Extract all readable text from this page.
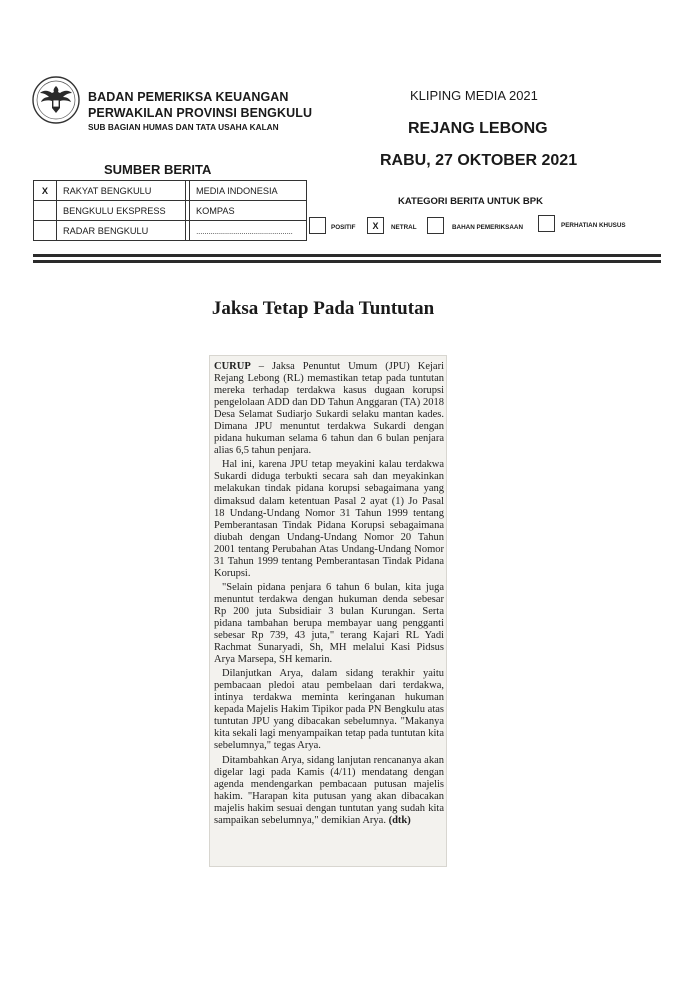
BADAN PEMERIKSA KEUANGAN
PERWAKILAN PROVINSI BENGKULU
SUB BAGIAN HUMAS DAN TATA USAHA KALAN
KLIPING MEDIA 2021
REJANG LEBONG
RABU, 27 OKTOBER 2021
SUMBER BERITA
X	RAKYAT BENGKULU		MEDIA INDONESIA
	BENGKULU EKSPRESS		KOMPAS
	RADAR BENGKULU		...............................................
KATEGORI BERITA UNTUK BPK
POSITIF	X	NETRAL	BAHAN PEMERIKSAAN	PERHATIAN KHUSUS
Jaksa Tetap Pada Tuntutan

CURUP – Jaksa Penuntut Umum (JPU) Kejari Rejang Lebong (RL) memastikan tetap pada tuntutan mereka terhadap terdakwa kasus dugaan korupsi pengelolaan ADD dan DD Tahun Anggaran (TA) 2018 Desa Selamat Sudiarjo Sukardi selaku mantan kades. Dimana JPU menuntut terdakwa Sukardi dengan pidana hukuman selama 6 tahun dan 6 bulan penjara alias 6,5 tahun penjara.

Hal ini, karena JPU tetap meyakini kalau terdakwa Sukardi diduga terbukti secara sah dan meyakinkan melakukan tindak pidana korupsi sebagaimana yang dimaksud dalam ketentuan Pasal 2 ayat (1) Jo Pasal 18 Undang-Undang Nomor 31 Tahun 1999 tentang Pemberantasan Tindak Pidana Korupsi sebagaimana diubah dengan Undang-Undang Nomor 20 Tahun 2001 tentang Perubahan Atas Undang-Undang Nomor 31 Tahun 1999 tentang Pemberantasan Tindak Pidana Korupsi.

"Selain pidana penjara 6 tahun 6 bulan, kita juga menuntut terdakwa dengan hukuman denda sebesar Rp 200 juta Subsidiair 3 bulan Kurungan. Serta pidana tambahan berupa membayar uang pengganti sebesar Rp 739, 43 juta," terang Kajari RL Yadi Rachmat Sunaryadi, Sh, MH melalui Kasi Pidsus Arya Marsepa, SH kemarin.

Dilanjutkan Arya, dalam sidang terakhir yaitu pembacaan pledoi atau pembelaan dari terdakwa, intinya terdakwa meminta keringanan hukuman kepada Majelis Hakim Tipikor pada PN Bengkulu atas tuntutan JPU yang dibacakan sebelumnya. "Makanya kita sekali lagi menyampaikan tetap pada tuntutan kita sebelumnya," tegas Arya.

Ditambahkan Arya, sidang lanjutan rencananya akan digelar lagi pada Kamis (4/11) mendatang dengan agenda mendengarkan pembacaan putusan majelis hakim. "Harapan kita putusan yang akan dibacakan majelis hakim sesuai dengan tuntutan yang sudah kita sampaikan sebelumnya," demikian Arya. (dtk)
